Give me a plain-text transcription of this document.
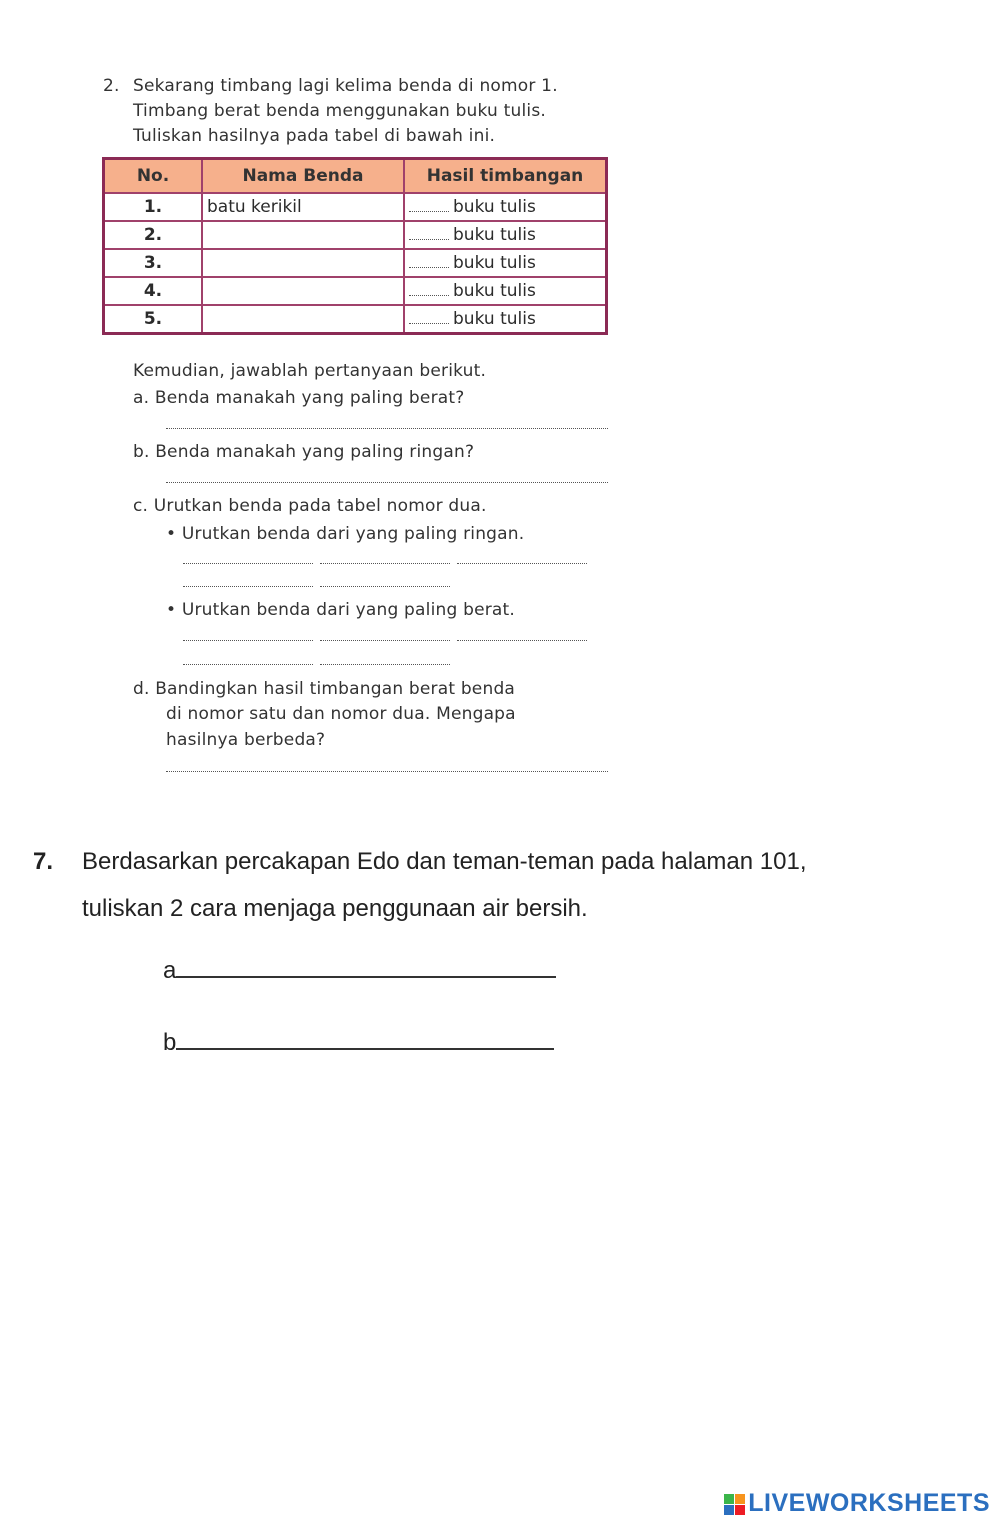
2. Sekarang timbang lagi kelima benda di nomor 1.
Timbang berat benda menggunakan buku tulis.
Tuliskan hasilnya pada tabel di bawah ini.
No.	Nama Benda	Hasil timbangan
1.	batu kerikil	buku tulis
2.		buku tulis
3.		buku tulis
4.		buku tulis
5.		buku tulis
Kemudian, jawablah pertanyaan berikut.
a. Benda manakah yang paling berat?
b. Benda manakah yang paling ringan?
c. Urutkan benda pada tabel nomor dua.
• Urutkan benda dari yang paling ringan.
• Urutkan benda dari yang paling berat.
d. Bandingkan hasil timbangan berat benda
di nomor satu dan nomor dua. Mengapa
hasilnya berbeda?
7. Berdasarkan percakapan Edo dan teman-teman pada halaman 101,
tuliskan 2 cara menjaga penggunaan air bersih.
a
b
LIVEWORKSHEETS
